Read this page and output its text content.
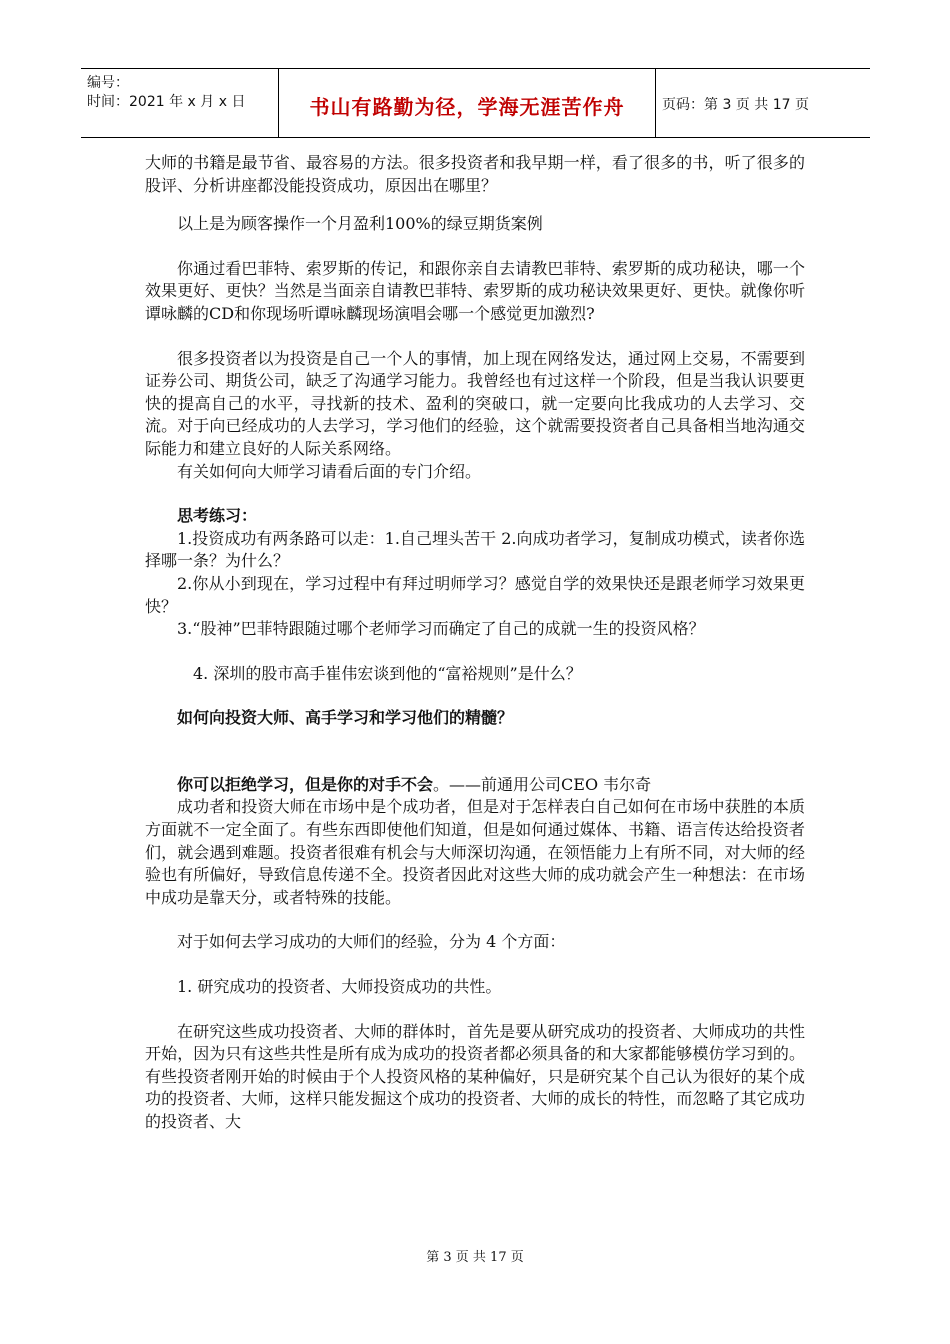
编号：
时间：2021 年 x 月 x 日	书山有路勤为径，学海无涯苦作舟	页码：第 3 页 共 17 页

大师的书籍是最节省、最容易的方法。很多投资者和我早期一样，看了很多的书，听了很多的股评、分析讲座都没能投资成功，原因出在哪里？

以上是为顾客操作一个月盈利100%的绿豆期货案例

你通过看巴菲特、索罗斯的传记，和跟你亲自去请教巴菲特、索罗斯的成功秘诀，哪一个效果更好、更快？当然是当面亲自请教巴菲特、索罗斯的成功秘诀效果更好、更快。就像你听谭咏麟的CD和你现场听谭咏麟现场演唱会哪一个感觉更加激烈?

很多投资者以为投资是自己一个人的事情，加上现在网络发达，通过网上交易，不需要到证券公司、期货公司，缺乏了沟通学习能力。我曾经也有过这样一个阶段，但是当我认识要更快的提高自己的水平，寻找新的技术、盈利的突破口，就一定要向比我成功的人去学习、交流。对于向已经成功的人去学习，学习他们的经验，这个就需要投资者自己具备相当地沟通交际能力和建立良好的人际关系网络。

有关如何向大师学习请看后面的专门介绍。

思考练习：

1.投资成功有两条路可以走：1.自己埋头苦干 2.向成功者学习，复制成功模式，读者你选择哪一条？为什么？

2.你从小到现在，学习过程中有拜过明师学习？感觉自学的效果快还是跟老师学习效果更快？

3.“股神”巴菲特跟随过哪个老师学习而确定了自己的成就一生的投资风格？

4. 深圳的股市高手崔伟宏谈到他的“富裕规则”是什么？

如何向投资大师、高手学习和学习他们的精髓？

你可以拒绝学习，但是你的对手不会。——前通用公司CEO 韦尔奇

成功者和投资大师在市场中是个成功者，但是对于怎样表白自己如何在市场中获胜的本质方面就不一定全面了。有些东西即使他们知道，但是如何通过媒体、书籍、语言传达给投资者们，就会遇到难题。投资者很难有机会与大师深切沟通，在领悟能力上有所不同，对大师的经验也有所偏好，导致信息传递不全。投资者因此对这些大师的成功就会产生一种想法：在市场中成功是靠天分，或者特殊的技能。

对于如何去学习成功的大师们的经验，分为 4 个方面：

1. 研究成功的投资者、大师投资成功的共性。

在研究这些成功投资者、大师的群体时，首先是要从研究成功的投资者、大师成功的共性开始，因为只有这些共性是所有成为成功的投资者都必须具备的和大家都能够模仿学习到的。有些投资者刚开始的时候由于个人投资风格的某种偏好，只是研究某个自己认为很好的某个成功的投资者、大师，这样只能发掘这个成功的投资者、大师的成长的特性，而忽略了其它成功的投资者、大

第 3 页 共 17 页
